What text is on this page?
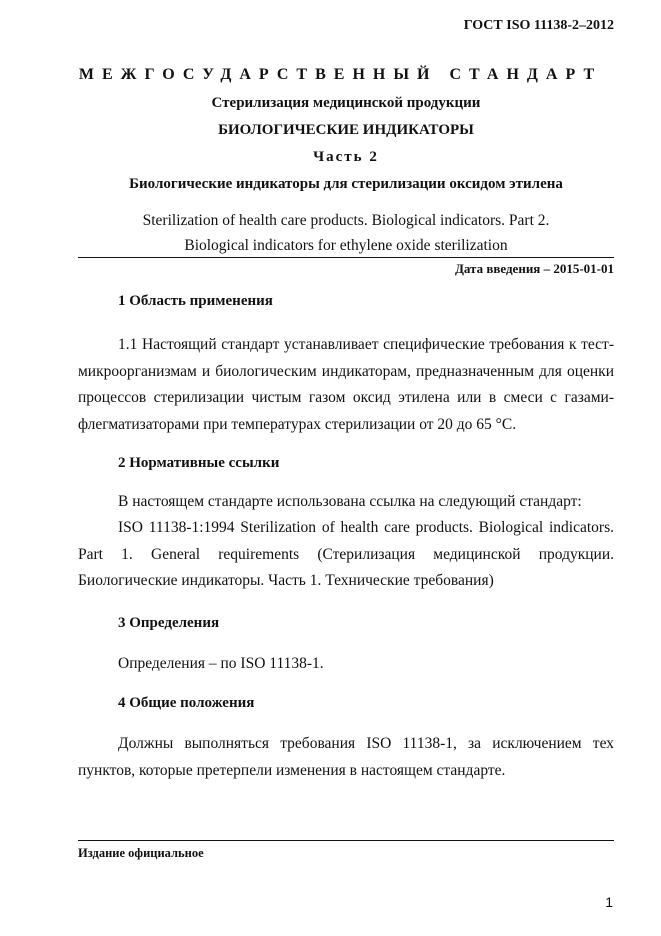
ГОСТ ISO 11138-2‒2012
МЕЖГОСУДАРСТВЕННЫЙ СТАНДАРТ
Стерилизация медицинской продукции
БИОЛОГИЧЕСКИЕ ИНДИКАТОРЫ
Часть 2
Биологические индикаторы для стерилизации оксидом этилена
Sterilization of health care products. Biological indicators. Part 2.
Biological indicators for ethylene oxide sterilization
Дата введения – 2015-01-01
1 Область применения

1.1 Настоящий стандарт устанавливает специфические требования к тест-микроорганизмам и биологическим индикаторам, предназначенным для оценки процессов стерилизации чистым газом оксид этилена или в смеси с газами-флегматизаторами при температурах стерилизации от 20 до 65 °С.

2 Нормативные ссылки

В настоящем стандарте использована ссылка на следующий стандарт:

ISO 11138-1:1994 Sterilization of health care products. Biological indicators. Part 1. General requirements (Стерилизация медицинской продукции. Биологические индикаторы. Часть 1. Технические требования)

3 Определения

Определения – по ISO 11138-1.

4 Общие положения

Должны выполняться требования ISO 11138-1, за исключением тех пунктов, которые претерпели изменения в настоящем стандарте.

Издание официальное
1
